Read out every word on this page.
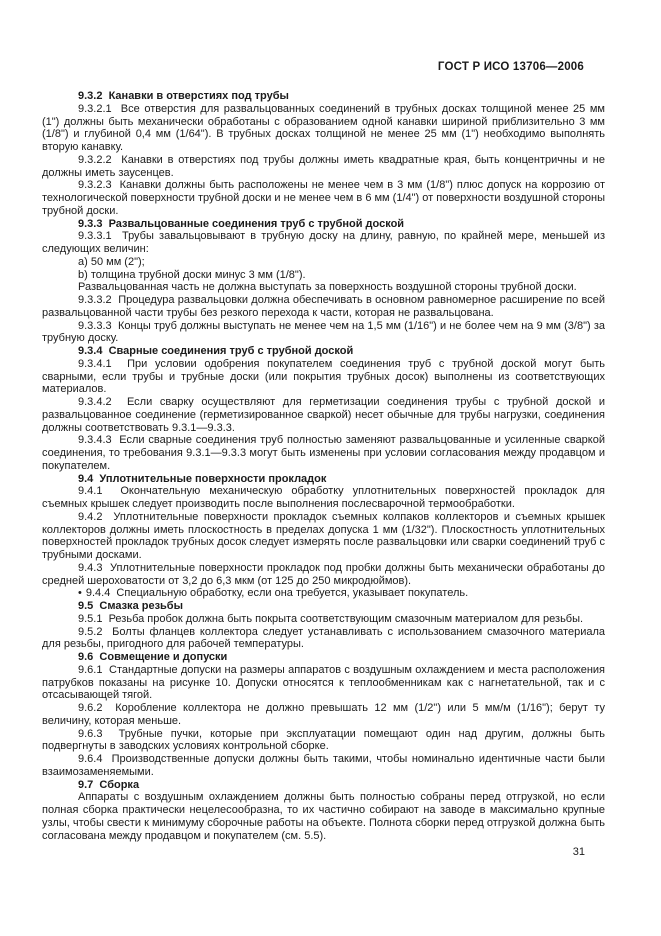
ГОСТ Р ИСО 13706—2006

9.3.2  Канавки в отверстиях под трубы

9.3.2.1  Все отверстия для развальцованных соединений в трубных досках толщиной менее 25 мм (1") должны быть механически обработаны с образованием одной канавки шириной приблизительно 3 мм (1/8") и глубиной 0,4 мм (1/64"). В трубных досках толщиной не менее 25 мм (1") необходимо выполнять вторую канавку.

9.3.2.2  Канавки в отверстиях под трубы должны иметь квадратные края, быть концентричны и не должны иметь заусенцев.

9.3.2.3  Канавки должны быть расположены не менее чем в 3 мм (1/8") плюс допуск на коррозию от технологической поверхности трубной доски и не менее чем в 6 мм (1/4") от поверхности воздушной стороны трубной доски.

9.3.3  Развальцованные соединения труб с трубной доской

9.3.3.1  Трубы завальцовывают в трубную доску на длину, равную, по крайней мере, меньшей из следующих величин:

a) 50 мм (2");

b) толщина трубной доски минус 3 мм (1/8").

Развальцованная часть не должна выступать за поверхность воздушной стороны трубной доски.

9.3.3.2  Процедура развальцовки должна обеспечивать в основном равномерное расширение по всей развальцованной части трубы без резкого перехода к части, которая не развальцована.

9.3.3.3  Концы труб должны выступать не менее чем на 1,5 мм (1/16") и не более чем на 9 мм (3/8") за трубную доску.

9.3.4  Сварные соединения труб с трубной доской

9.3.4.1  При условии одобрения покупателем соединения труб с трубной доской могут быть сварными, если трубы и трубные доски (или покрытия трубных досок) выполнены из соответствующих материалов.

9.3.4.2  Если сварку осуществляют для герметизации соединения трубы с трубной доской и развальцованное соединение (герметизированное сваркой) несет обычные для трубы нагрузки, соединения должны соответствовать 9.3.1—9.3.3.

9.3.4.3  Если сварные соединения труб полностью заменяют развальцованные и усиленные сваркой соединения, то требования 9.3.1—9.3.3 могут быть изменены при условии согласования между продавцом и покупателем.

9.4  Уплотнительные поверхности прокладок

9.4.1  Окончательную механическую обработку уплотнительных поверхностей прокладок для съемных крышек следует производить после выполнения послесварочной термообработки.

9.4.2  Уплотнительные поверхности прокладок съемных колпаков коллекторов и съемных крышек коллекторов должны иметь плоскостность в пределах допуска 1 мм (1/32"). Плоскостность уплотнительных поверхностей прокладок трубных досок следует измерять после развальцовки или сварки соединений труб с трубными досками.

9.4.3  Уплотнительные поверхности прокладок под пробки должны быть механически обработаны до средней шероховатости от 3,2 до 6,3 мкм (от 125 до 250 микродюймов).

• 9.4.4  Специальную обработку, если она требуется, указывает покупатель.

9.5  Смазка резьбы

9.5.1  Резьба пробок должна быть покрыта соответствующим смазочным материалом для резьбы.

9.5.2  Болты фланцев коллектора следует устанавливать с использованием смазочного материала для резьбы, пригодного для рабочей температуры.

9.6  Совмещение и допуски

9.6.1  Стандартные допуски на размеры аппаратов с воздушным охлаждением и места расположения патрубков показаны на рисунке 10. Допуски относятся к теплообменникам как с нагнетательной, так и с отсасывающей тягой.

9.6.2  Коробление коллектора не должно превышать 12 мм (1/2") или 5 мм/м (1/16"); берут ту величину, которая меньше.

9.6.3  Трубные пучки, которые при эксплуатации помещают один над другим, должны быть подвергнуты в заводских условиях контрольной сборке.

9.6.4  Производственные допуски должны быть такими, чтобы номинально идентичные части были взаимозаменяемыми.

9.7  Сборка

Аппараты с воздушным охлаждением должны быть полностью собраны перед отгрузкой, но если полная сборка практически нецелесообразна, то их частично собирают на заводе в максимально крупные узлы, чтобы свести к минимуму сборочные работы на объекте. Полнота сборки перед отгрузкой должна быть согласована между продавцом и покупателем (см. 5.5).

31
